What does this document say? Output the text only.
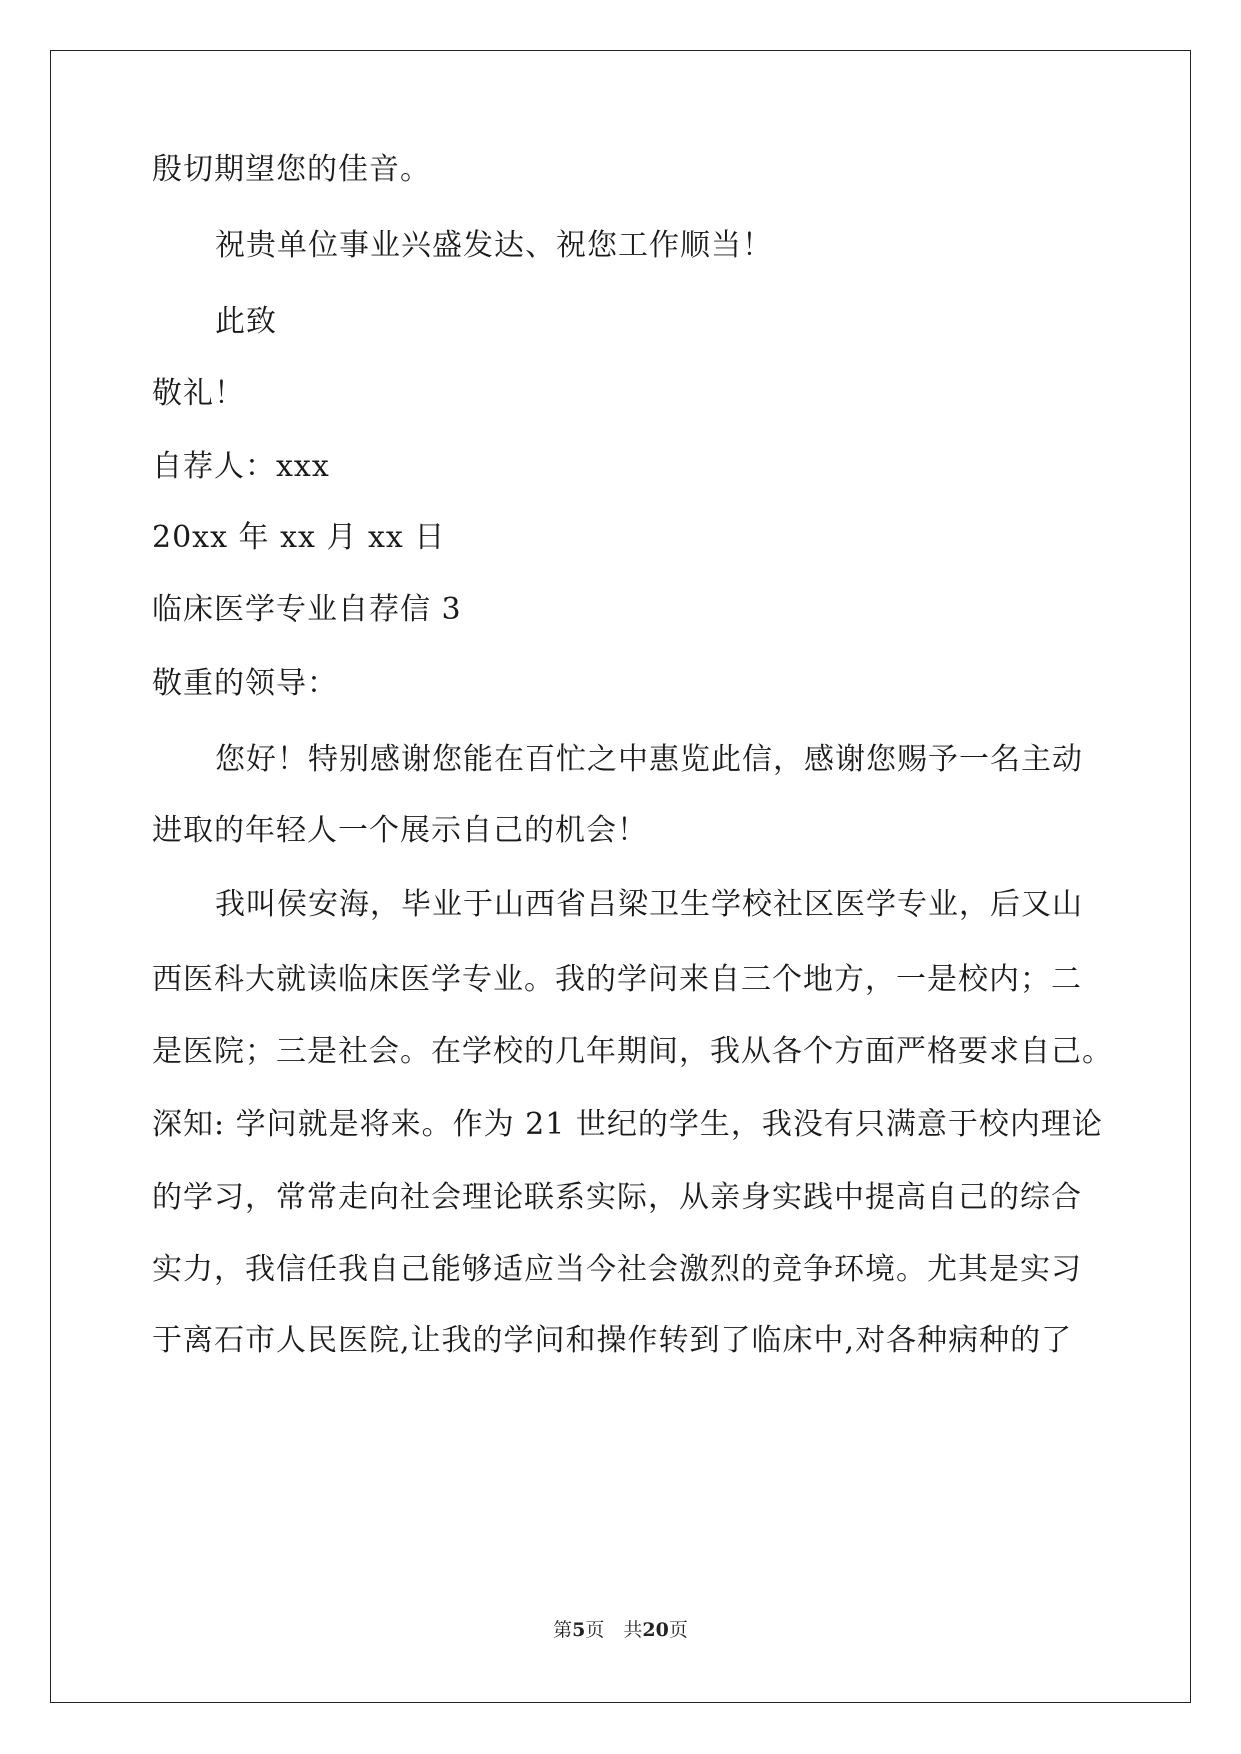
殷切期望您的佳音。
祝贵单位事业兴盛发达、祝您工作顺当！
此致
敬礼！
自荐人：xxx
20xx 年 xx 月 xx 日
临床医学专业自荐信 3
敬重的领导：
您好！特别感谢您能在百忙之中惠览此信，感谢您赐予一名主动
进取的年轻人一个展示自己的机会！
我叫侯安海，毕业于山西省吕梁卫生学校社区医学专业，后又山
西医科大就读临床医学专业。我的学问来自三个地方，一是校内；二
是医院；三是社会。在学校的几年期间，我从各个方面严格要求自己。
深知: 学问就是将来。作为 21 世纪的学生，我没有只满意于校内理论
的学习，常常走向社会理论联系实际，从亲身实践中提高自己的综合
实力，我信任我自己能够适应当今社会激烈的竞争环境。尤其是实习
于离石市人民医院,让我的学问和操作转到了临床中,对各种病种的了
第5页　共20页
